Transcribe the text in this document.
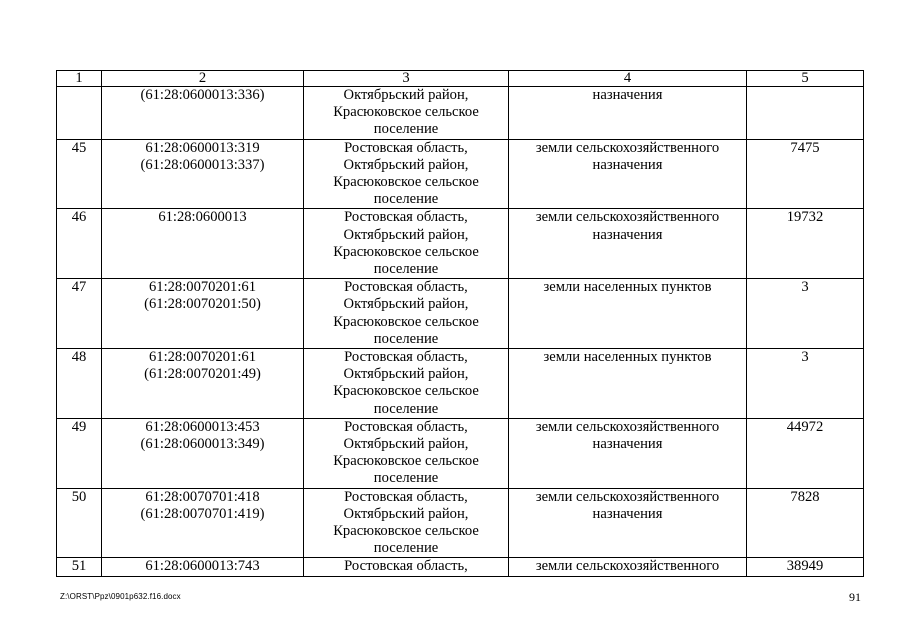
1	2	3	4	5

	(61:28:0600013:336)	Октябрьский район,
Красюковское сельское
поселение	назначения	

45	61:28:0600013:319
(61:28:0600013:337)	Ростовская область,
Октябрьский район,
Красюковское сельское
поселение	земли сельскохозяйственного
назначения	7475
46	61:28:0600013	Ростовская область,
Октябрьский район,
Красюковское сельское
поселение	земли сельскохозяйственного
назначения	19732
47	61:28:0070201:61
(61:28:0070201:50)	Ростовская область,
Октябрьский район,
Красюковское сельское
поселение	земли населенных пунктов	3
48	61:28:0070201:61
(61:28:0070201:49)	Ростовская область,
Октябрьский район,
Красюковское сельское
поселение	земли населенных пунктов	3
49	61:28:0600013:453
(61:28:0600013:349)	Ростовская область,
Октябрьский район,
Красюковское сельское
поселение	земли сельскохозяйственного
назначения	44972
50	61:28:0070701:418
(61:28:0070701:419)	Ростовская область,
Октябрьский район,
Красюковское сельское
поселение	земли сельскохозяйственного
назначения	7828
51	61:28:0600013:743	Ростовская область,	земли сельскохозяйственного	38949
Z:\ORST\Ppz\0901p632.f16.docx	91
